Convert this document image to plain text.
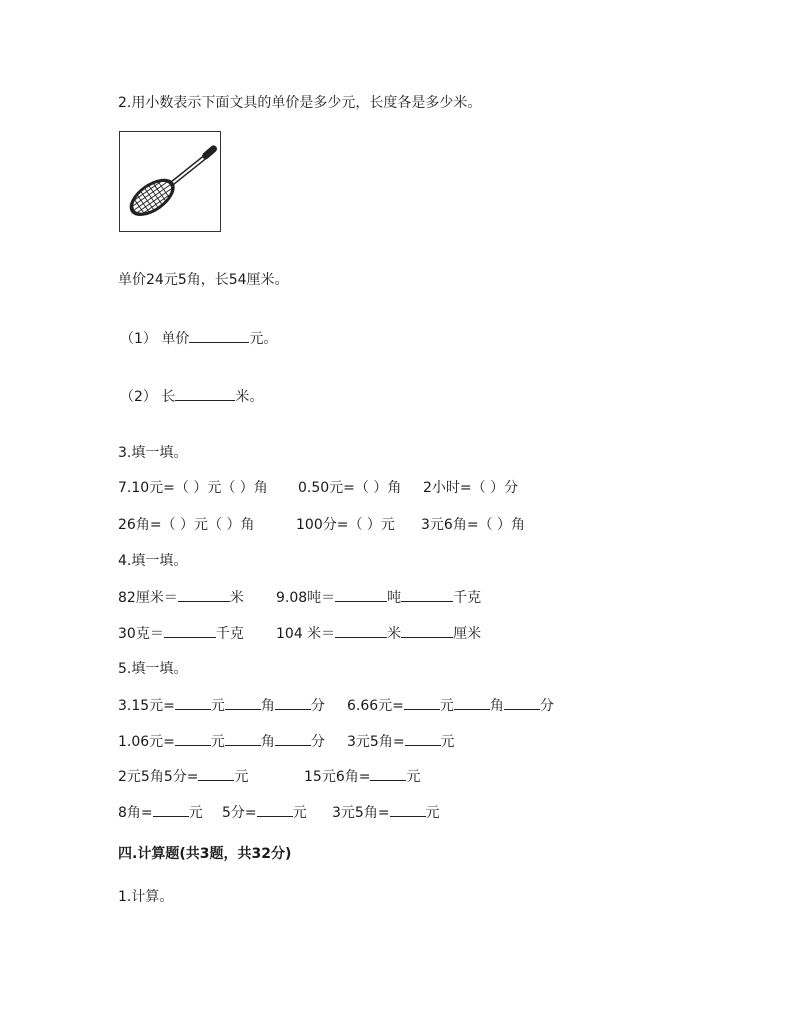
2.用小数表示下面文具的单价是多少元，长度各是多少米。
单价24元5角，长54厘米。
（1） 单价	元。
（2） 长	米。
3.填一填。
7.10元=（ ）元（ ）角 0.50元=（ ）角 2小时=（ ）分
26角=（ ）元（ ）角	100分=（ ）元 3元6角=（ ）角
4.填一填。
82厘米＝	米 9.08吨＝	吨	千克
30克＝	千克 104 米＝	米	厘米
5.填一填。
3.15元=	元	角	分 6.66元=	元	角	分
1.06元=	元	角	分 3元5角=	元
2元5角5分=	元	15元6角=	元
8角=	元 5分=	元 3元5角=	元
四.计算题(共3题，共32分)
1.计算。
